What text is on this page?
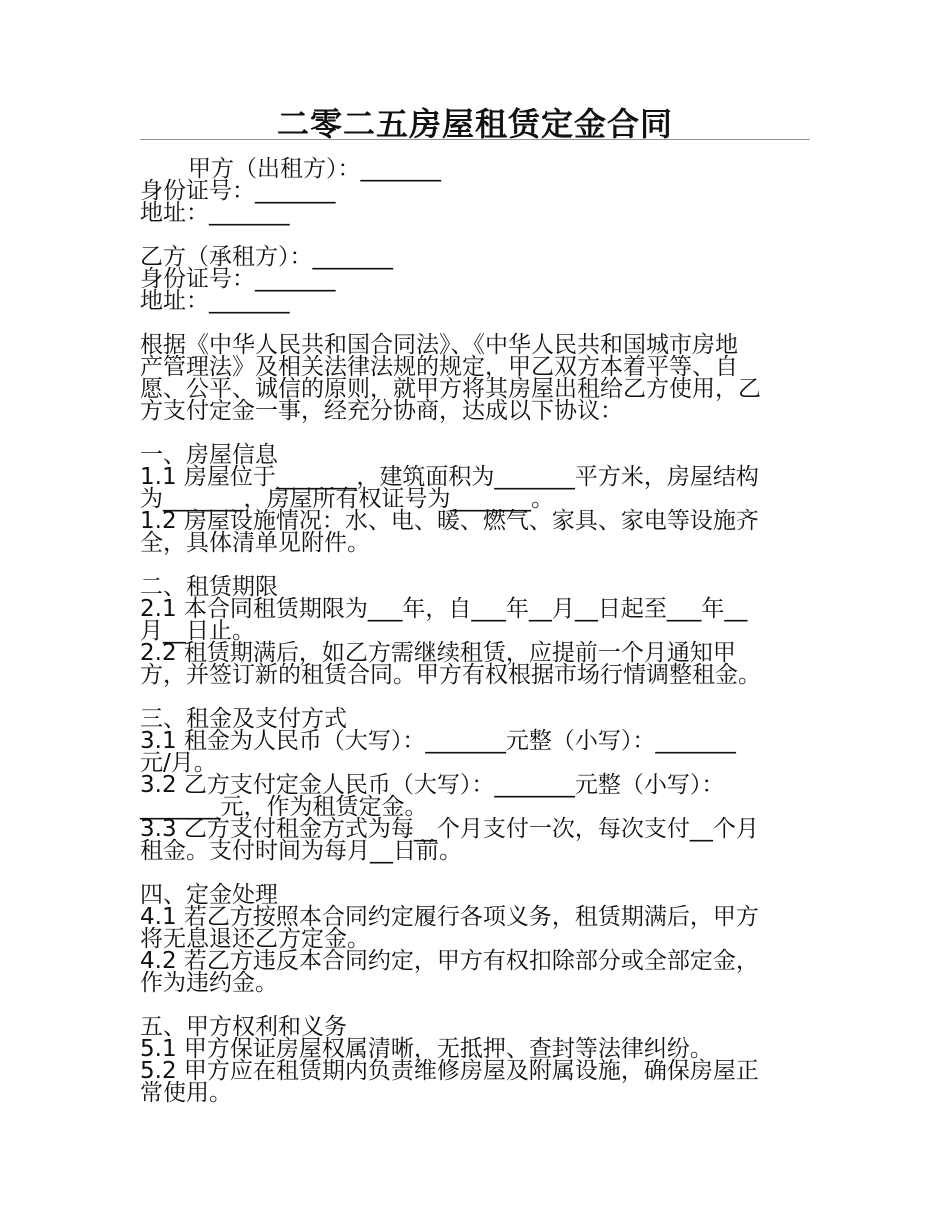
二零二五房屋租赁定金合同
甲方（出租方）：_______
身份证号：_______
地址：_______
乙方（承租方）：_______
身份证号：_______
地址：_______
根据《中华人民共和国合同法》、《中华人民共和国城市房地
产管理法》及相关法律法规的规定，甲乙双方本着平等、自
愿、公平、诚信的原则，就甲方将其房屋出租给乙方使用，乙
方支付定金一事，经充分协商，达成以下协议：
一、房屋信息
1.1 房屋位于_______，建筑面积为_______平方米，房屋结构
为_______，房屋所有权证号为_______。
1.2 房屋设施情况：水、电、暖、燃气、家具、家电等设施齐
全，具体清单见附件。
二、租赁期限
2.1 本合同租赁期限为___年，自___年__月__日起至___年__
月__日止。
2.2 租赁期满后，如乙方需继续租赁，应提前一个月通知甲
方，并签订新的租赁合同。甲方有权根据市场行情调整租金。
三、租金及支付方式
3.1 租金为人民币（大写）：_______元整（小写）：_______
元/月。
3.2 乙方支付定金人民币（大写）：_______元整（小写）：
_______元，作为租赁定金。
3.3 乙方支付租金方式为每__个月支付一次，每次支付__个月
租金。支付时间为每月__日前。
四、定金处理
4.1 若乙方按照本合同约定履行各项义务，租赁期满后，甲方
将无息退还乙方定金。
4.2 若乙方违反本合同约定，甲方有权扣除部分或全部定金，
作为违约金。
五、甲方权利和义务
5.1 甲方保证房屋权属清晰，无抵押、查封等法律纠纷。
5.2 甲方应在租赁期内负责维修房屋及附属设施，确保房屋正
常使用。
